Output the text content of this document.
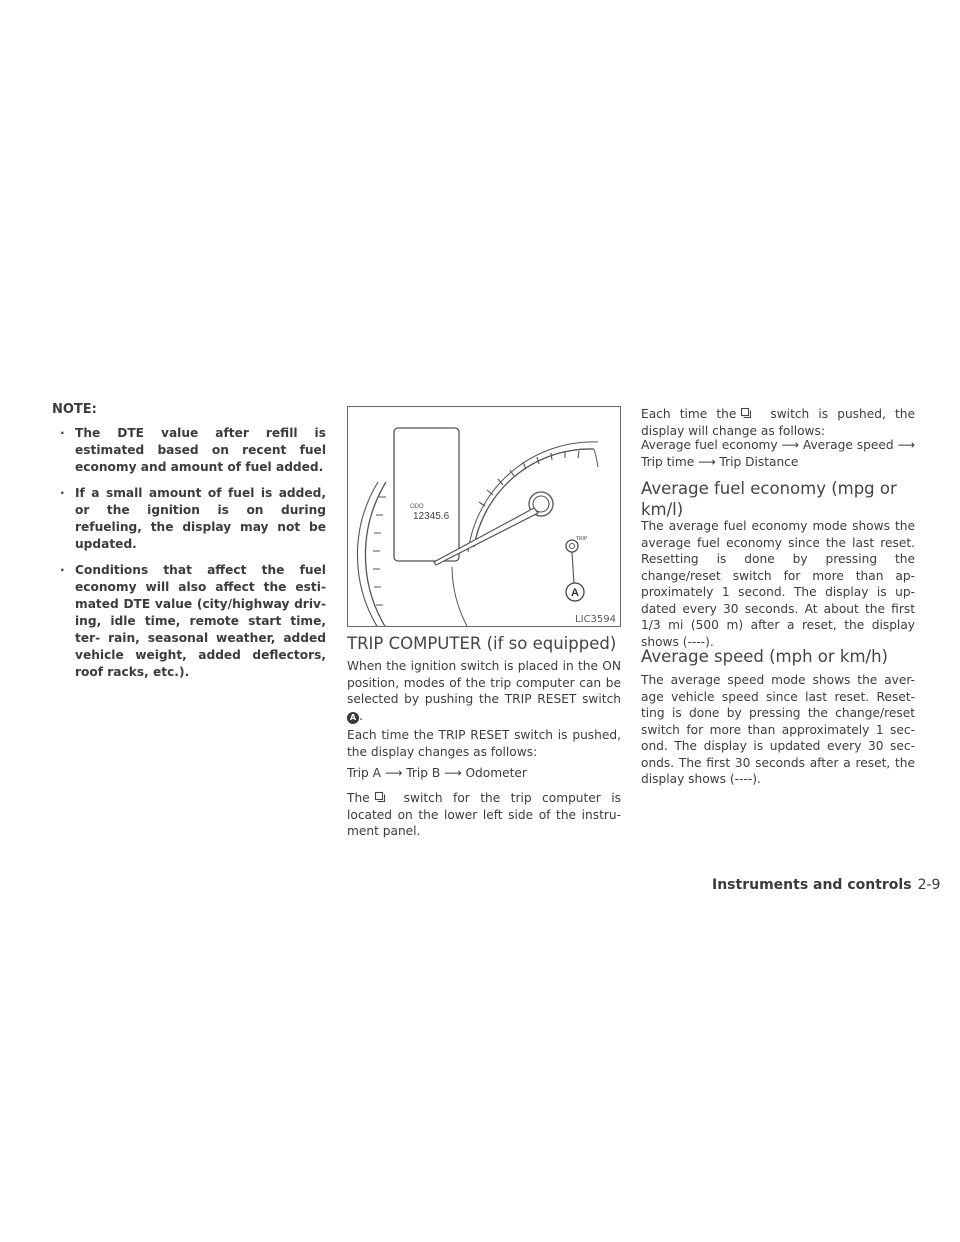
NOTE:
· The DTE value after refill is estimated based on recent fuel economy and amount of fuel added.
· If a small amount of fuel is added, or the ignition is on during refueling, the display may not be updated.
· Conditions that affect the fuel economy will also affect the esti- mated DTE value (city/highway driv- ing, idle time, remote start time, ter- rain, seasonal weather, added vehicle weight, added deflectors, roof racks, etc.).
ODO
12345.6
TRIP
A
LIC3594
TRIP COMPUTER (if so equipped)

When the ignition switch is placed in the ON position, modes of the trip computer can be selected by pushing the TRIP RESET switch A .

Each time the TRIP RESET switch is pushed, the display changes as follows:

Trip A ⟶ Trip B ⟶ Odometer

The	switch for the trip computer is located on the lower left side of the instru- ment panel.

Each time the	switch is pushed, the display will change as follows:

Average fuel economy ⟶ Average speed ⟶ Trip time ⟶ Trip Distance

Average fuel economy (mpg or km/l)

The average fuel economy mode shows the average fuel economy since the last reset. Resetting is done by pressing the change/reset switch for more than ap- proximately 1 second. The display is up- dated every 30 seconds. At about the first 1/3 mi (500 m) after a reset, the display shows (----).

Average speed (mph or km/h)

The average speed mode shows the aver- age vehicle speed since last reset. Reset- ting is done by pressing the change/reset switch for more than approximately 1 sec- ond. The display is updated every 30 sec- onds. The first 30 seconds after a reset, the display shows (----).

Instruments and controls 2-9
